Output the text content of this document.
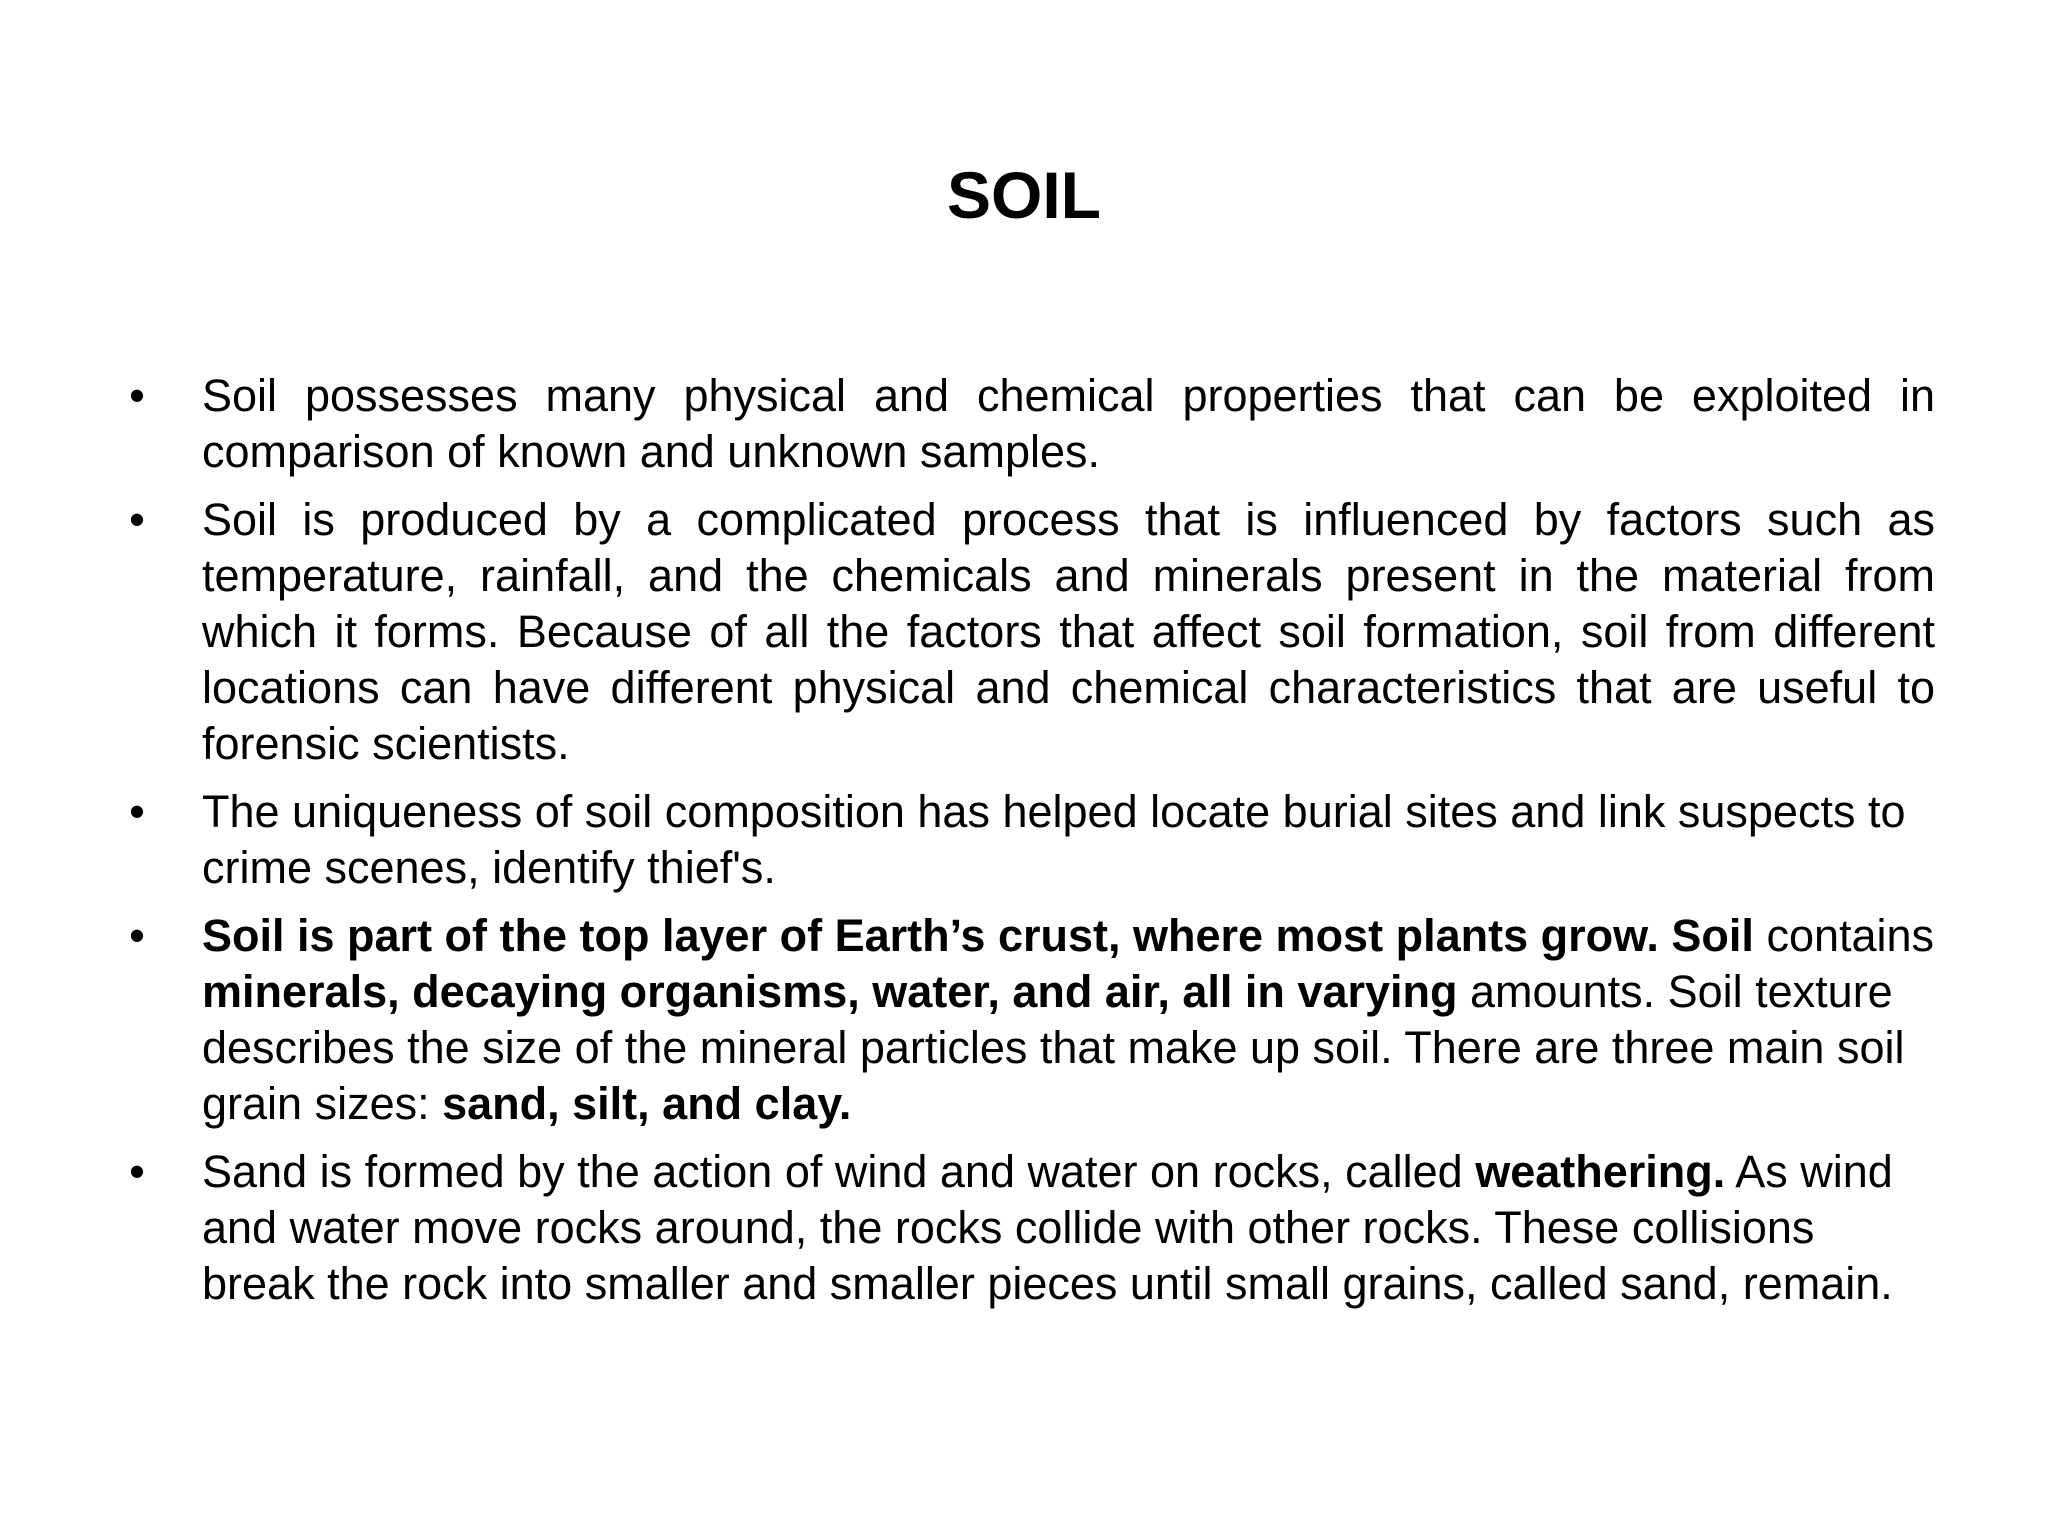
SOIL
• Soil possesses many physical and chemical properties that can be exploited in comparison of known and unknown samples.
• Soil is produced by a complicated process that is influenced by factors such as temperature, rainfall, and the chemicals and minerals present in the material from which it forms. Because of all the factors that affect soil formation, soil from different locations can have different physical and chemical characteristics that are useful to forensic scientists.
• The uniqueness of soil composition has helped locate burial sites and link suspects to crime scenes, identify thief's.
• Soil is part of the top layer of Earth’s crust, where most plants grow. Soil contains minerals, decaying organisms, water, and air, all in varying amounts. Soil texture describes the size of the mineral particles that make up soil. There are three main soil grain sizes: sand, silt, and clay.
• Sand is formed by the action of wind and water on rocks, called weathering. As wind and water move rocks around, the rocks collide with other rocks. These collisions break the rock into smaller and smaller pieces until small grains, called sand, remain.
